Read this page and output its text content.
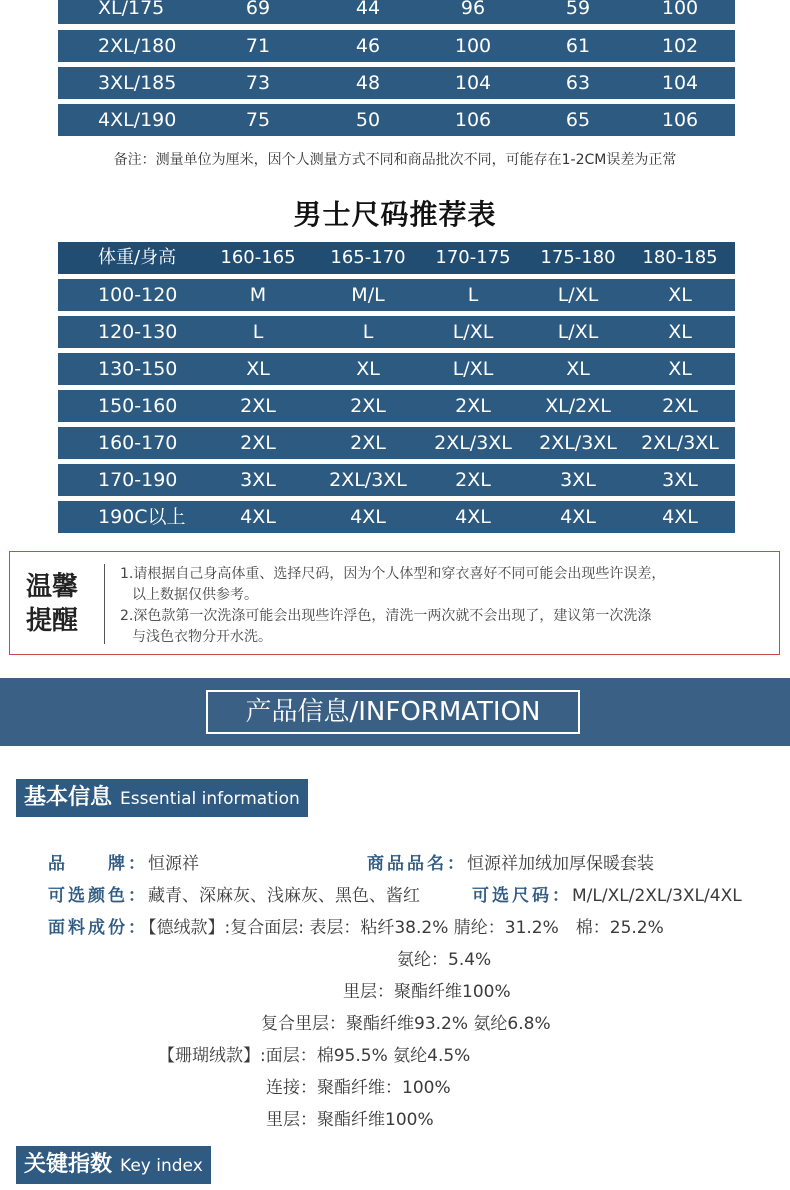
XL/175	69	44	96	59	100
2XL/180	71	46	100	61	102
3XL/185	73	48	104	63	104
4XL/190	75	50	106	65	106
备注：测量单位为厘米，因个人测量方式不同和商品批次不同，可能存在1-2CM误差为正常
男士尺码推荐表
体重/身高	160-165	165-170	170-175	175-180	180-185
100-120	M	M/L	L	L/XL	XL
120-130	L	L	L/XL	L/XL	XL
130-150	XL	XL	L/XL	XL	XL
150-160	2XL	2XL	2XL	XL/2XL	2XL
160-170	2XL	2XL	2XL/3XL	2XL/3XL	2XL/3XL
170-190	3XL	2XL/3XL	2XL	3XL	3XL
190C以上	4XL	4XL	4XL	4XL	4XL
温馨
提醒
1.请根据自己身高体重、选择尺码，因为个人体型和穿衣喜好不同可能会出现些许误差，
以上数据仅供参考。
2.深色款第一次洗涤可能会出现些许浮色，清洗一两次就不会出现了，建议第一次洗涤
与浅色衣物分开水洗。
产品信息/INFORMATION
基本信息 Essential information
品　　牌：恒源祥	商品品名：恒源祥加绒加厚保暖套装
可选颜色：藏青、深麻灰、浅麻灰、黑色、酱红	可选尺码：M/L/XL/2XL/3XL/4XL
面料成份：【德绒款】:复合面层: 表层：粘纤38.2% 腈纶：31.2%　棉：25.2%
氨纶：5.4%
里层：聚酯纤维100%
复合里层：聚酯纤维93.2% 氨纶6.8%
【珊瑚绒款】:面层：棉95.5% 氨纶4.5%
连接：聚酯纤维：100%
里层：聚酯纤维100%
关键指数 Key index
